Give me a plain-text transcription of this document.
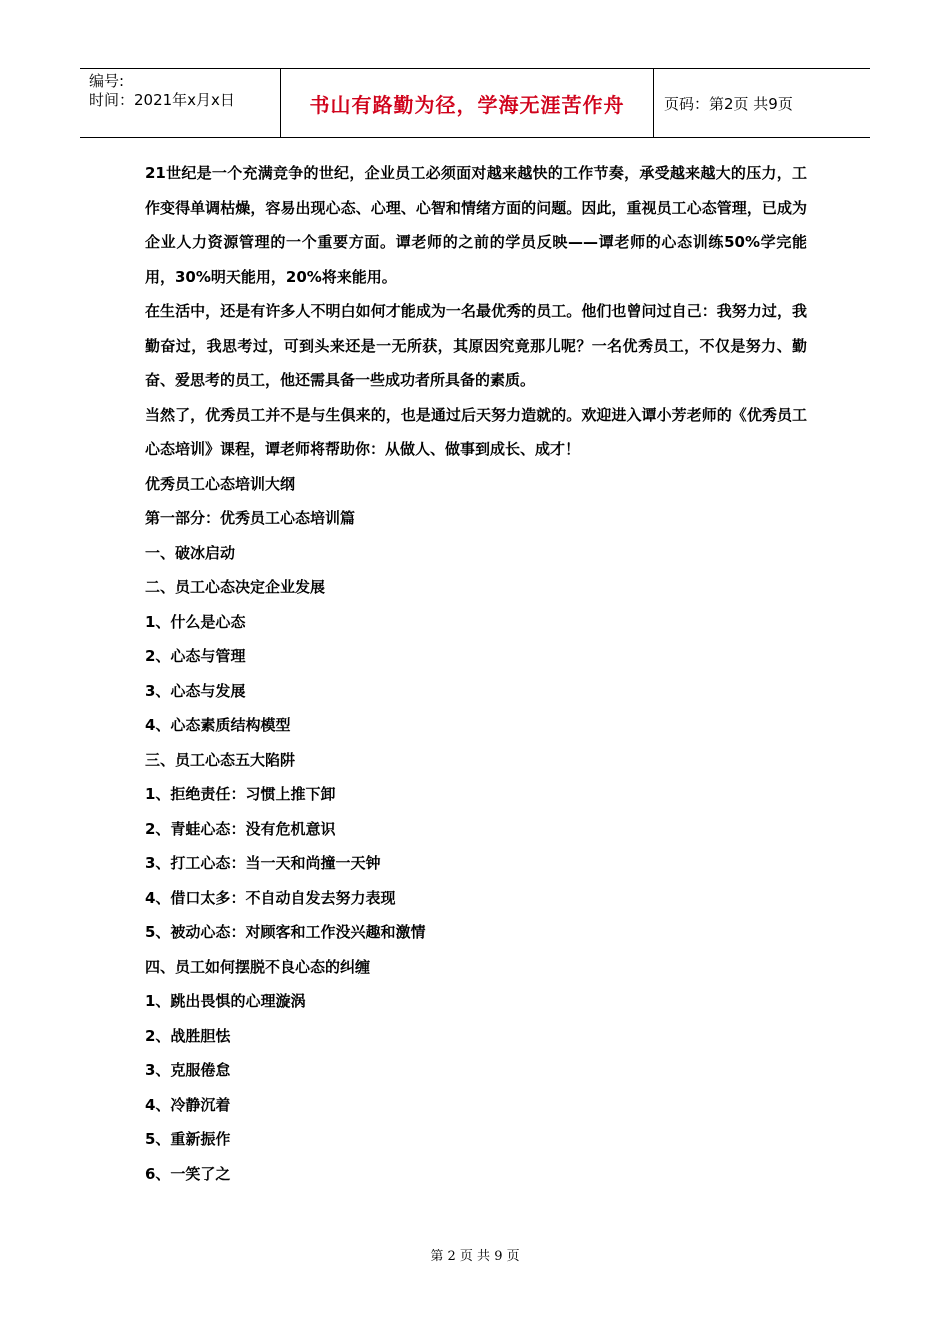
编号:
时间：2021年x月x日	书山有路勤为径，学海无涯苦作舟	页码：第2页 共9页

21世纪是一个充满竞争的世纪，企业员工必须面对越来越快的工作节奏，承受越来越大的压力，工作变得单调枯燥，容易出现心态、心理、心智和情绪方面的问题。因此，重视员工心态管理，已成为企业人力资源管理的一个重要方面。谭老师的之前的学员反映——谭老师的心态训练50%学完能用，30%明天能用，20%将来能用。

在生活中，还是有许多人不明白如何才能成为一名最优秀的员工。他们也曾问过自己：我努力过，我勤奋过，我思考过，可到头来还是一无所获，其原因究竟那儿呢？一名优秀员工，不仅是努力、勤奋、爱思考的员工，他还需具备一些成功者所具备的素质。

当然了，优秀员工并不是与生俱来的，也是通过后天努力造就的。欢迎进入谭小芳老师的《优秀员工心态培训》课程，谭老师将帮助你：从做人、做事到成长、成才！

优秀员工心态培训大纲

第一部分：优秀员工心态培训篇

一、破冰启动

二、员工心态决定企业发展

1、什么是心态

2、心态与管理

3、心态与发展

4、心态素质结构模型

三、员工心态五大陷阱

1、拒绝责任：习惯上推下卸

2、青蛙心态：没有危机意识

3、打工心态：当一天和尚撞一天钟

4、借口太多：不自动自发去努力表现

5、被动心态：对顾客和工作没兴趣和激情

四、员工如何摆脱不良心态的纠缠

1、跳出畏惧的心理漩涡

2、战胜胆怯

3、克服倦怠

4、冷静沉着

5、重新振作

6、一笑了之

第 2 页 共 9 页
